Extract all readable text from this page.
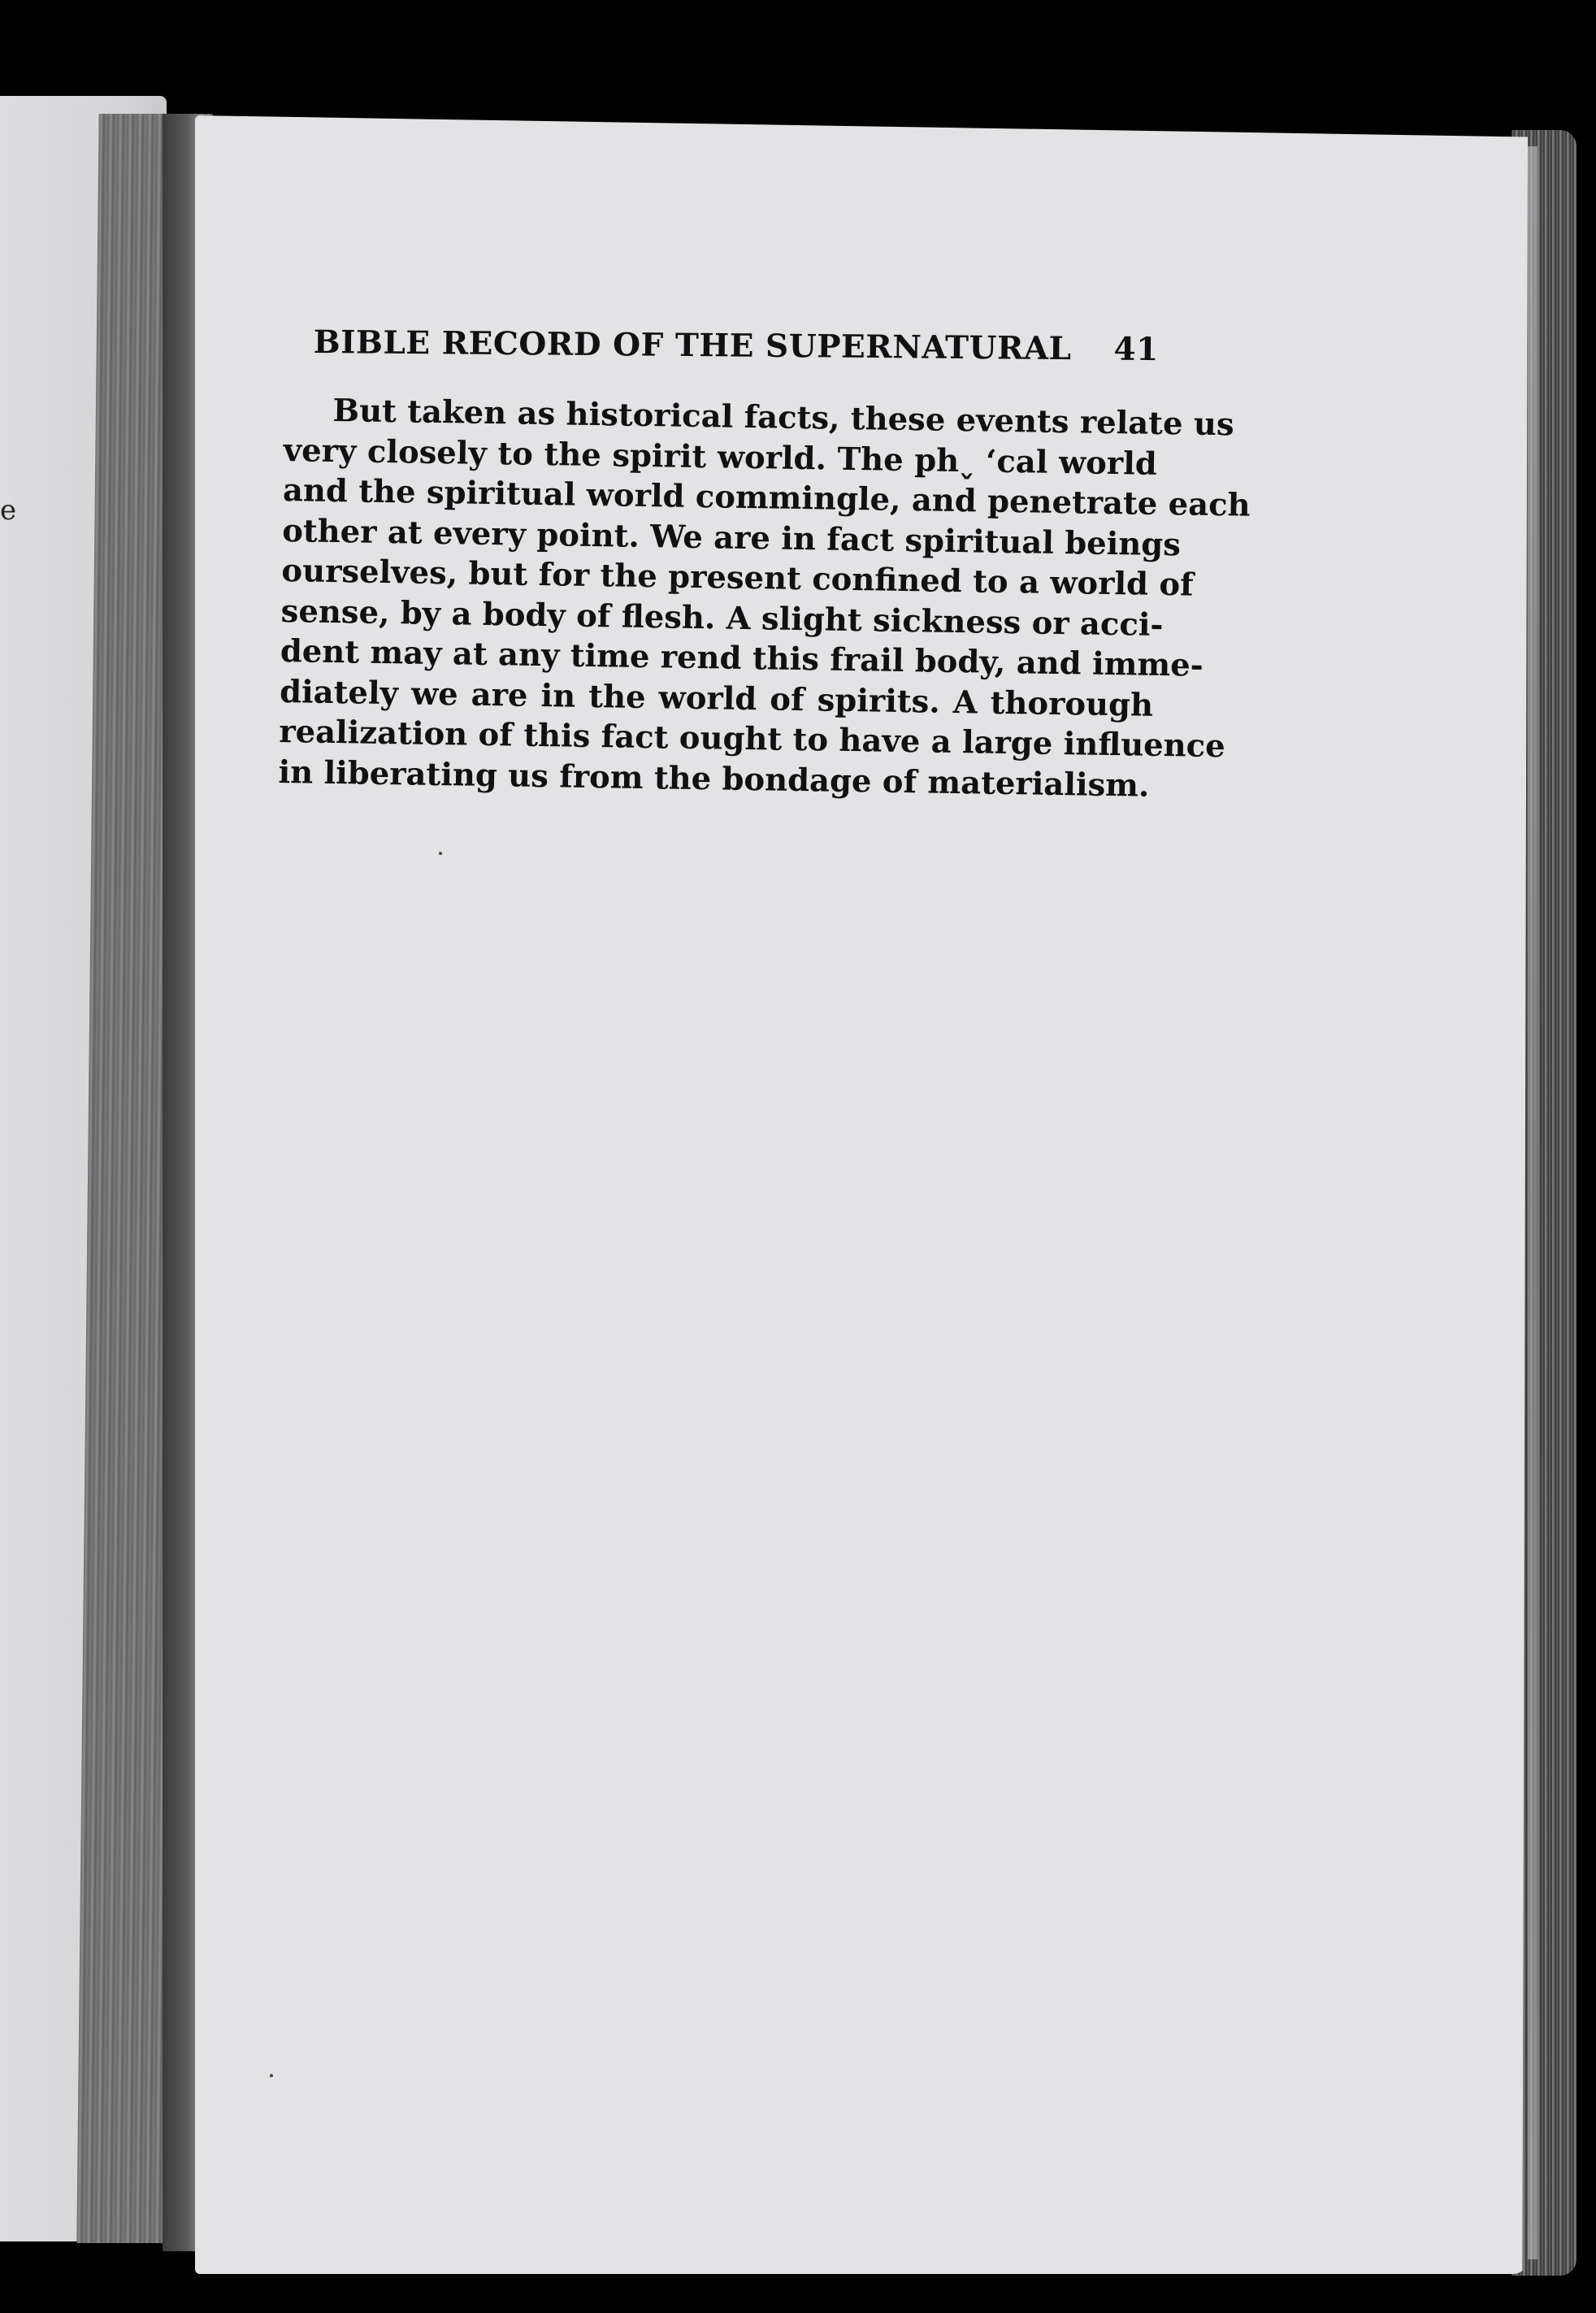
e
BIBLE RECORD OF THE SUPERNATURAL 41
But taken as historical facts, these events relate us
very closely to the spirit world. The ph˯ ʻcal world
and the spiritual world commingle, and penetrate each
other at every point. We are in fact spiritual beings
ourselves, but for the present confined to a world of
sense, by a body of flesh. A slight sickness or acci-
dent may at any time rend this frail body, and imme-
diately we are in the world of spirits. A thorough
realization of this fact ought to have a large influence
in liberating us from the bondage of materialism.
